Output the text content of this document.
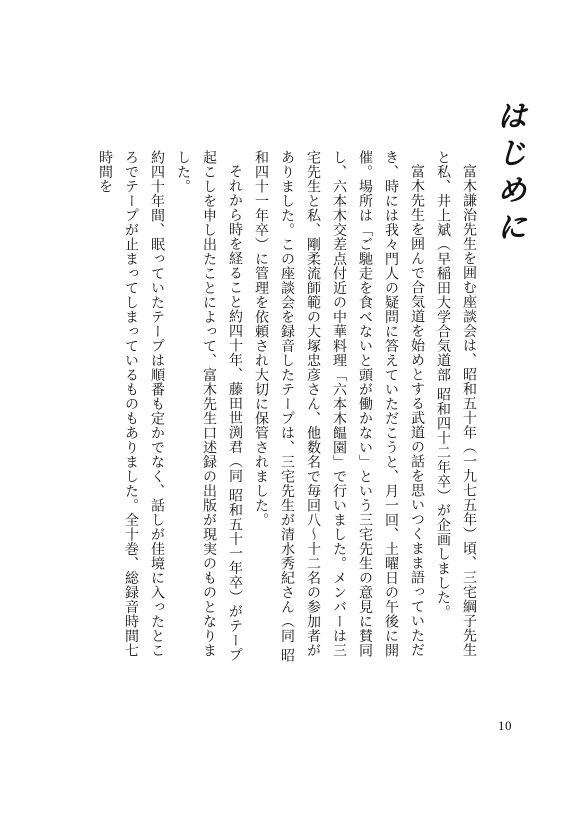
はじめに

富木謙治先生を囲む座談会は、昭和五十年（一九七五年）頃、三宅綱子先生と私、井上斌（早稲田大学合気道部 昭和四十二年卒）が企画しました。

富木先生を囲んで合気道を始めとする武道の話を思いつくまま語っていただき、時には我々門人の疑問に答えていただこうと、月一回、土曜日の午後に開催。場所は「ご馳走を食べないと頭が働かない」という三宅先生の意見に賛同し、六本木交差点付近の中華料理「六本木饂園」で行いました。メンバーは三宅先生と私、剛柔流師範の大塚忠彦さん、他数名で毎回八～十二名の参加者がありました。この座談会を録音したテープは、三宅先生が清水秀紀さん（同 昭和四十一年卒）に管理を依頼され大切に保管されました。

それから時を経ること約四十年、藤田世渕君（同 昭和五十一年卒）がテープ起こしを申し出たことによって、富木先生口述録の出版が現実のものとなりました。

約四十年間、眠っていたテープは順番も定かでなく、話しが佳境に入ったところでテープが止まってしまっているものもありました。全十巻、総録音時間七時間を

10
